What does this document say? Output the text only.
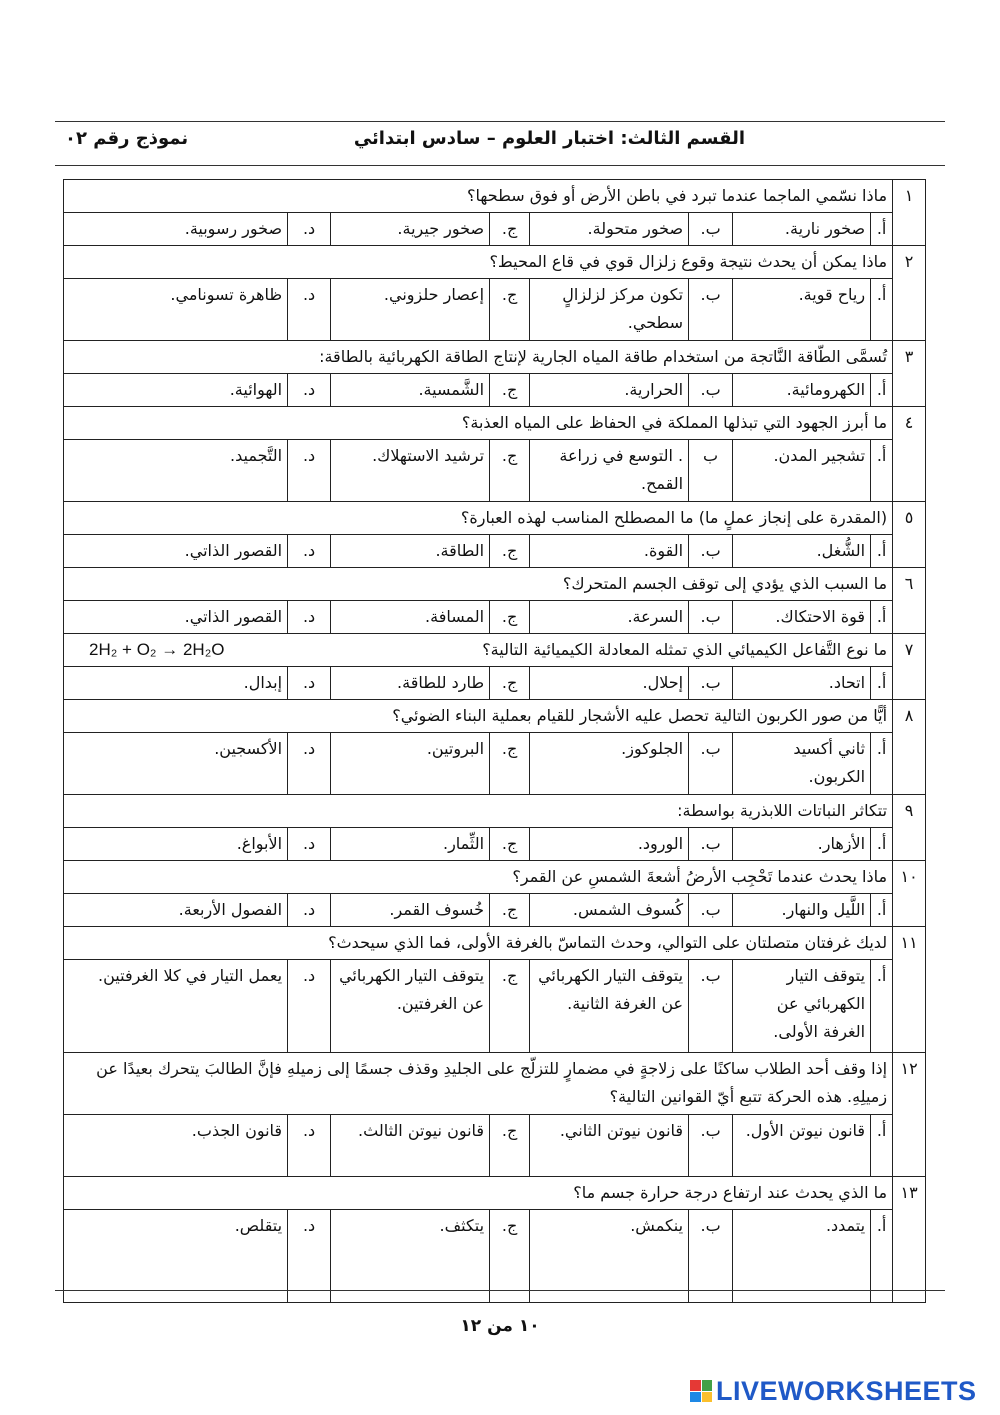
القسم الثالث: اختبار العلوم – سادس ابتدائي
نموذج رقم ٠٢
١	ماذا نسّمي الماجما عندما تبرد في باطن الأرض أو فوق سطحها؟							
	أ.	صخور نارية.	ب.	صخور متحولة.	ج.	صخور جيرية.	د.	صخور رسوبية.
٢	ماذا يمكن أن يحدث نتيجة وقوع زلزال قوي في قاع المحيط؟							
	أ.	رياح قوية.	ب.	تكون مركز لزلزالٍ سطحي.	ج.	إعصار حلزوني.	د.	ظاهرة تسونامي.
٣	تُسمَّى الطّاقة النَّاتجة من استخدام طاقة المياه الجارية لإنتاج الطاقة الكهربائية بالطاقة:							
	أ.	الكهرومائية.	ب.	الحرارية.	ج.	الشَّمسية.	د.	الهوائية.
٤	ما أبرز الجهود التي تبذلها المملكة في الحفاظ على المياه العذبة؟							
	أ.	تشجير المدن.	ب	. التوسع في زراعة القمح.	ج.	ترشيد الاستهلاك.	د.	التَّجميد.
٥	(المقدرة على إنجاز عملٍ ما) ما المصطلح المناسب لهذه العبارة؟							
	أ.	الشُّغل.	ب.	القوة.	ج.	الطاقة.	د.	القصور الذاتي.
٦	ما السبب الذي يؤدي إلى توقف الجسم المتحرك؟							
	أ.	قوة الاحتكاك.	ب.	السرعة.	ج.	المسافة.	د.	القصور الذاتي.
٧	2H₂ + O₂ → 2H₂O ما نوع التَّفاعل الكيميائي الذي تمثله المعادلة الكيميائية التالية؟							
	أ.	اتحاد.	ب.	إحلال.	ج.	طارد للطاقة.	د.	إبدال.
٨	أيًّا من صور الكربون التالية تحصل عليه الأشجار للقيام بعملية البناء الضوئي؟							
	أ.	ثاني أكسيد الكربون.	ب.	الجلوكوز.	ج.	البروتين.	د.	الأكسجين.
٩	تتكاثر النباتات اللابذرية بواسطة:							
	أ.	الأزهار.	ب.	الورود.	ج.	الثِّمار.	د.	الأبواغ.
١٠	ماذا يحدث عندما تَحْجِب الأرضُ أشعةَ الشمسِ عن القمر؟							
	أ.	اللَّيل والنهار.	ب.	كُسوف الشمس.	ج.	خُسوف القمر.	د.	الفصول الأربعة.
١١	لديك غرفتان متصلتان على التوالي، وحدث التماسّ بالغرفة الأولى، فما الذي سيحدث؟							
	أ.	يتوقف التيار الكهربائي عن الغرفة الأولى.	ب.	يتوقف التيار الكهربائي عن الغرفة الثانية.	ج.	يتوقف التيار الكهربائي عن الغرفتين.	د.	يعمل التيار في كلا الغرفتين.
١٢	إذا وقف أحد الطلاب ساكنًا على زلاجةٍ في مضمارٍ للتزلّج على الجليدِ وقذف جسمًا إلى زميلهِ فإنَّ الطالبَ يتحرك بعيدًا عن زميلِهِ. هذه الحركة تتبع أيّ القوانين التالية؟							
	أ.	قانون نيوتن الأول.	ب.	قانون نيوتن الثاني.	ج.	قانون نيوتن الثالث.	د.	قانون الجذب.
١٣	ما الذي يحدث عند ارتفاع درجة حرارة جسم ما؟							
	أ.	يتمدد.	ب.	ينكمش.	ج.	يتكثف.	د.	يتقلص.
١٠ من ١٢
LIVEWORKSHEETS
